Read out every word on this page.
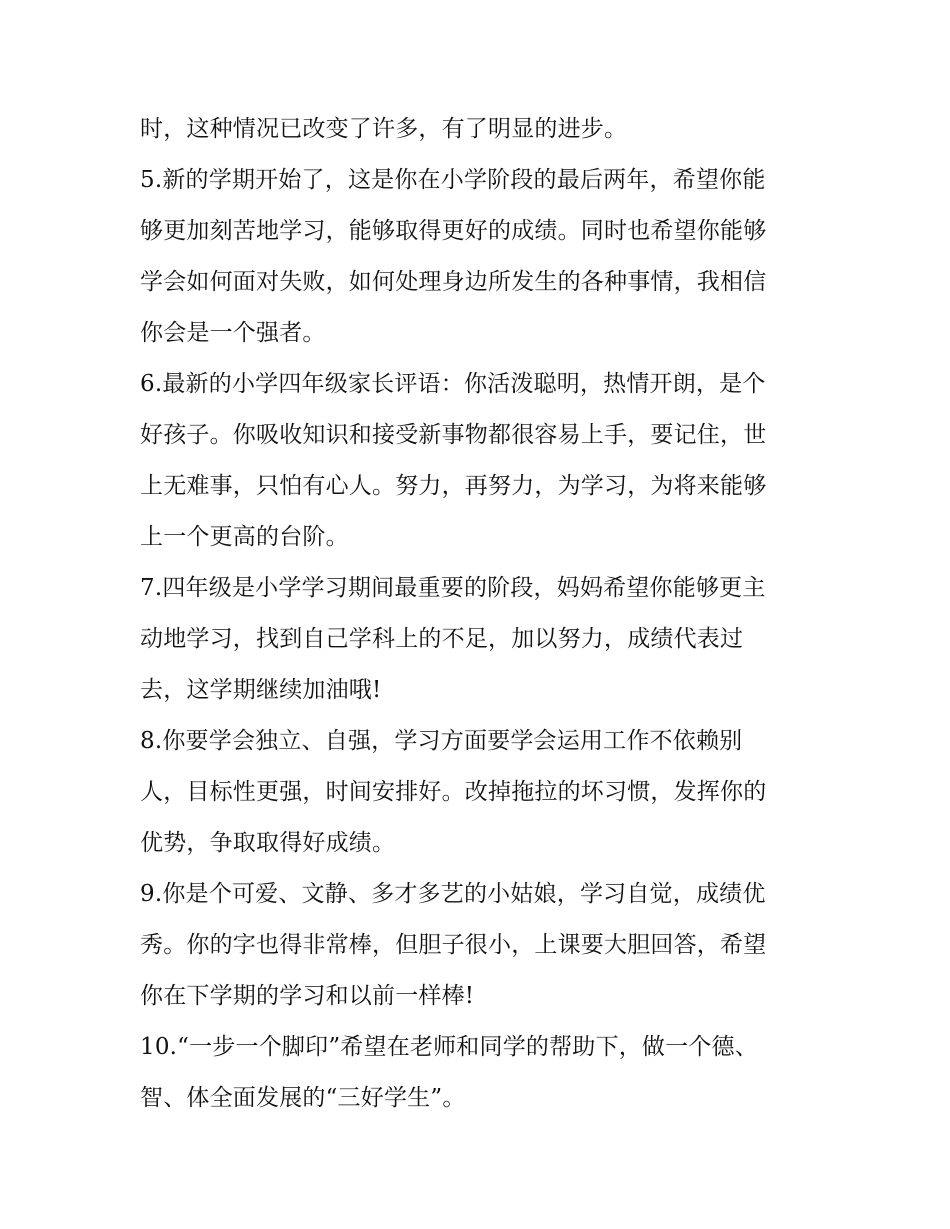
时，这种情况已改变了许多，有了明显的进步。
5.新的学期开始了，这是你在小学阶段的最后两年，希望你能
够更加刻苦地学习，能够取得更好的成绩。同时也希望你能够
学会如何面对失败，如何处理身边所发生的各种事情，我相信
你会是一个强者。
6.最新的小学四年级家长评语：你活泼聪明，热情开朗，是个
好孩子。你吸收知识和接受新事物都很容易上手，要记住，世
上无难事，只怕有心人。努力，再努力，为学习，为将来能够
上一个更高的台阶。
7.四年级是小学学习期间最重要的阶段，妈妈希望你能够更主
动地学习，找到自己学科上的不足，加以努力，成绩代表过
去，这学期继续加油哦!
8.你要学会独立、自强，学习方面要学会运用工作不依赖别
人，目标性更强，时间安排好。改掉拖拉的坏习惯，发挥你的
优势，争取取得好成绩。
9.你是个可爱、文静、多才多艺的小姑娘，学习自觉，成绩优
秀。你的字也得非常棒，但胆子很小，上课要大胆回答，希望
你在下学期的学习和以前一样棒!
10.“一步一个脚印”希望在老师和同学的帮助下，做一个德、
智、体全面发展的“三好学生”。
